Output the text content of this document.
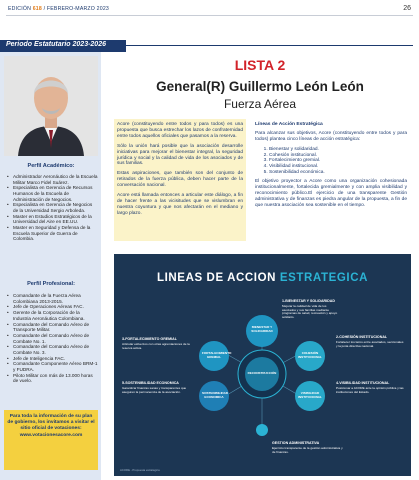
EDICIÓN 618 / FEBRERO-MARZO 2023	26
Periodo Estatutario 2023-2026
Perfil Académico:
• Administrador Aeronáutico de la Escuela Militar Marco Fidel Suárez.
• Especialista en Gerencia de Recursos Humanos de la Escuela de Administración de Negocios.
• Especialista en Gerencia de Negocios de la Universidad Sergio Arboleda.
• Master en Estudios Estratégicos de la Universidad del Aire en EE.UU.
• Master en Seguridad y Defensa de la Escuela Superior de Guerra de Colombia.
Perfil Profesional:
• Comandante de la Fuerza Aérea Colombiana 2013-2015.
• Jefe de Operaciones Aéreas FAC.
• Gerente de la Corporación de la Industria Aeronáutica Colombiana.
• Comandante del Comando Aéreo de Transporte Militar.
• Comandante del Comando Aéreo de Combate No. 1.
• Comandante del Comando Aéreo de Combate No. 3.
• Jefe de Inteligencia FAC.
• Comandante Componente Aéreo BRM-1 y FUDRA.
• Piloto Militar con más de 13.000 horas de vuelo.
Para toda la información de su plan de gobierno, los invitamos a visitar el sitio oficial de votaciones:
www.votacionesacore.com
LISTA 2
General(R) Guillermo León León
Fuerza Aérea

Acore (constituyendo entre todos y para todos) es una propuesta que busca estrechar los lazos de confraternidad entre todos aquellos oficiales que pasamos a la reserva.

Sólo la unión hará posible que la asociación desarrolle iniciativas para mejorar el bienestar integral, la seguridad jurídica y social y la calidad de vida de los asociados y de sus familias.

Estas aspiraciones, que también son del conjunto de retirados de la fuerza pública, deben hacer parte de la conversación nacional.

Acore está llamada entonces a articular este diálogo, a fin de hacer frente a las vicisitudes que se vislumbran en nuestra coyuntura y que nos afectarán en el mediano y largo plazo.

Líneas de Acción Estratégica

Para alcanzar sus objetivos, Acore (constituyendo entre todos y para todos) plantea cinco líneas de acción estratégica:

1. Bienestar y solidaridad.
2. Cohesión institucional.
3. Fortalecimiento gremial.
4. Visibilidad institucional.
5. Sostenibilidad económica.

El objetivo proyector a Acore como una organización cohesionada institucionalmente, fortalecida gremialmente y con amplia visibilidad y reconocimiento público.El ejercicio de una transparente Gestión administrativa y de finanzas es piedra angular de la propuesta, a fin de que nuestra asociación sea sostenible en el tiempo.

LINEAS DE ACCION ESTRATEGICA
RECONSTRUCCIÓN
BIENESTAR Y SOLIDARIDAD
FORTALECIMIENTO GREMIAL
COHESIÓN INSTITUCIONAL
SOSTENIBILIDAD ECONOMICA
VISIBILIDAD INSTITUCIONAL
1-BIENESTAR Y SOLIDARIDAD
Mejorar la calidad de vida de los asociados y sus familias mediante programas de salud, recreación y apoyo solidario.
2-COHESIÓN INSTITUCIONAL
Fortalecer los lazos entre asociados, seccionales y la junta directiva nacional.
3-FORTALECIMIENTO GREMIAL
Articular esfuerzos con otras agremiaciones de la reserva activa.
4-VISIBILIDAD INSTITUCIONAL
Posicionar a ACORE ante la opinión pública y las instituciones del Estado.
5-SOSTENIBILIDAD ECONOMICA
Garantizar finanzas sanas y transparentes que aseguren la permanencia de la asociación.
GESTION ADMINISTRATIVA
Ejercicio transparente de la gestión administrativa y de finanzas.
ACORE - Propuesta estratégica
